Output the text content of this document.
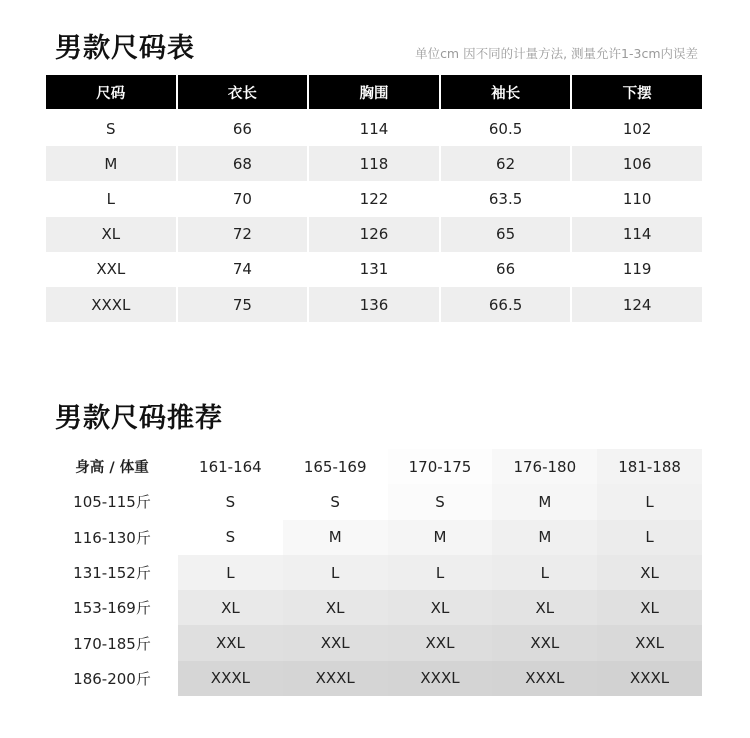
男款尺码表	单位cm 因不同的计量方法, 测量允许1-3cm内误差
尺码	衣长	胸围	袖长	下摆
S	66	114	60.5	102
M	68	118	62	106
L	70	122	63.5	110
XL	72	126	65	114
XXL	74	131	66	119
XXXL	75	136	66.5	124
男款尺码推荐
身高 / 体重	161-164	165-169	170-175	176-180	181-188
105-115斤	S	S	S	M	L
116-130斤	S	M	M	M	L
131-152斤	L	L	L	L	XL
153-169斤	XL	XL	XL	XL	XL
170-185斤	XXL	XXL	XXL	XXL	XXL
186-200斤	XXXL	XXXL	XXXL	XXXL	XXXL
